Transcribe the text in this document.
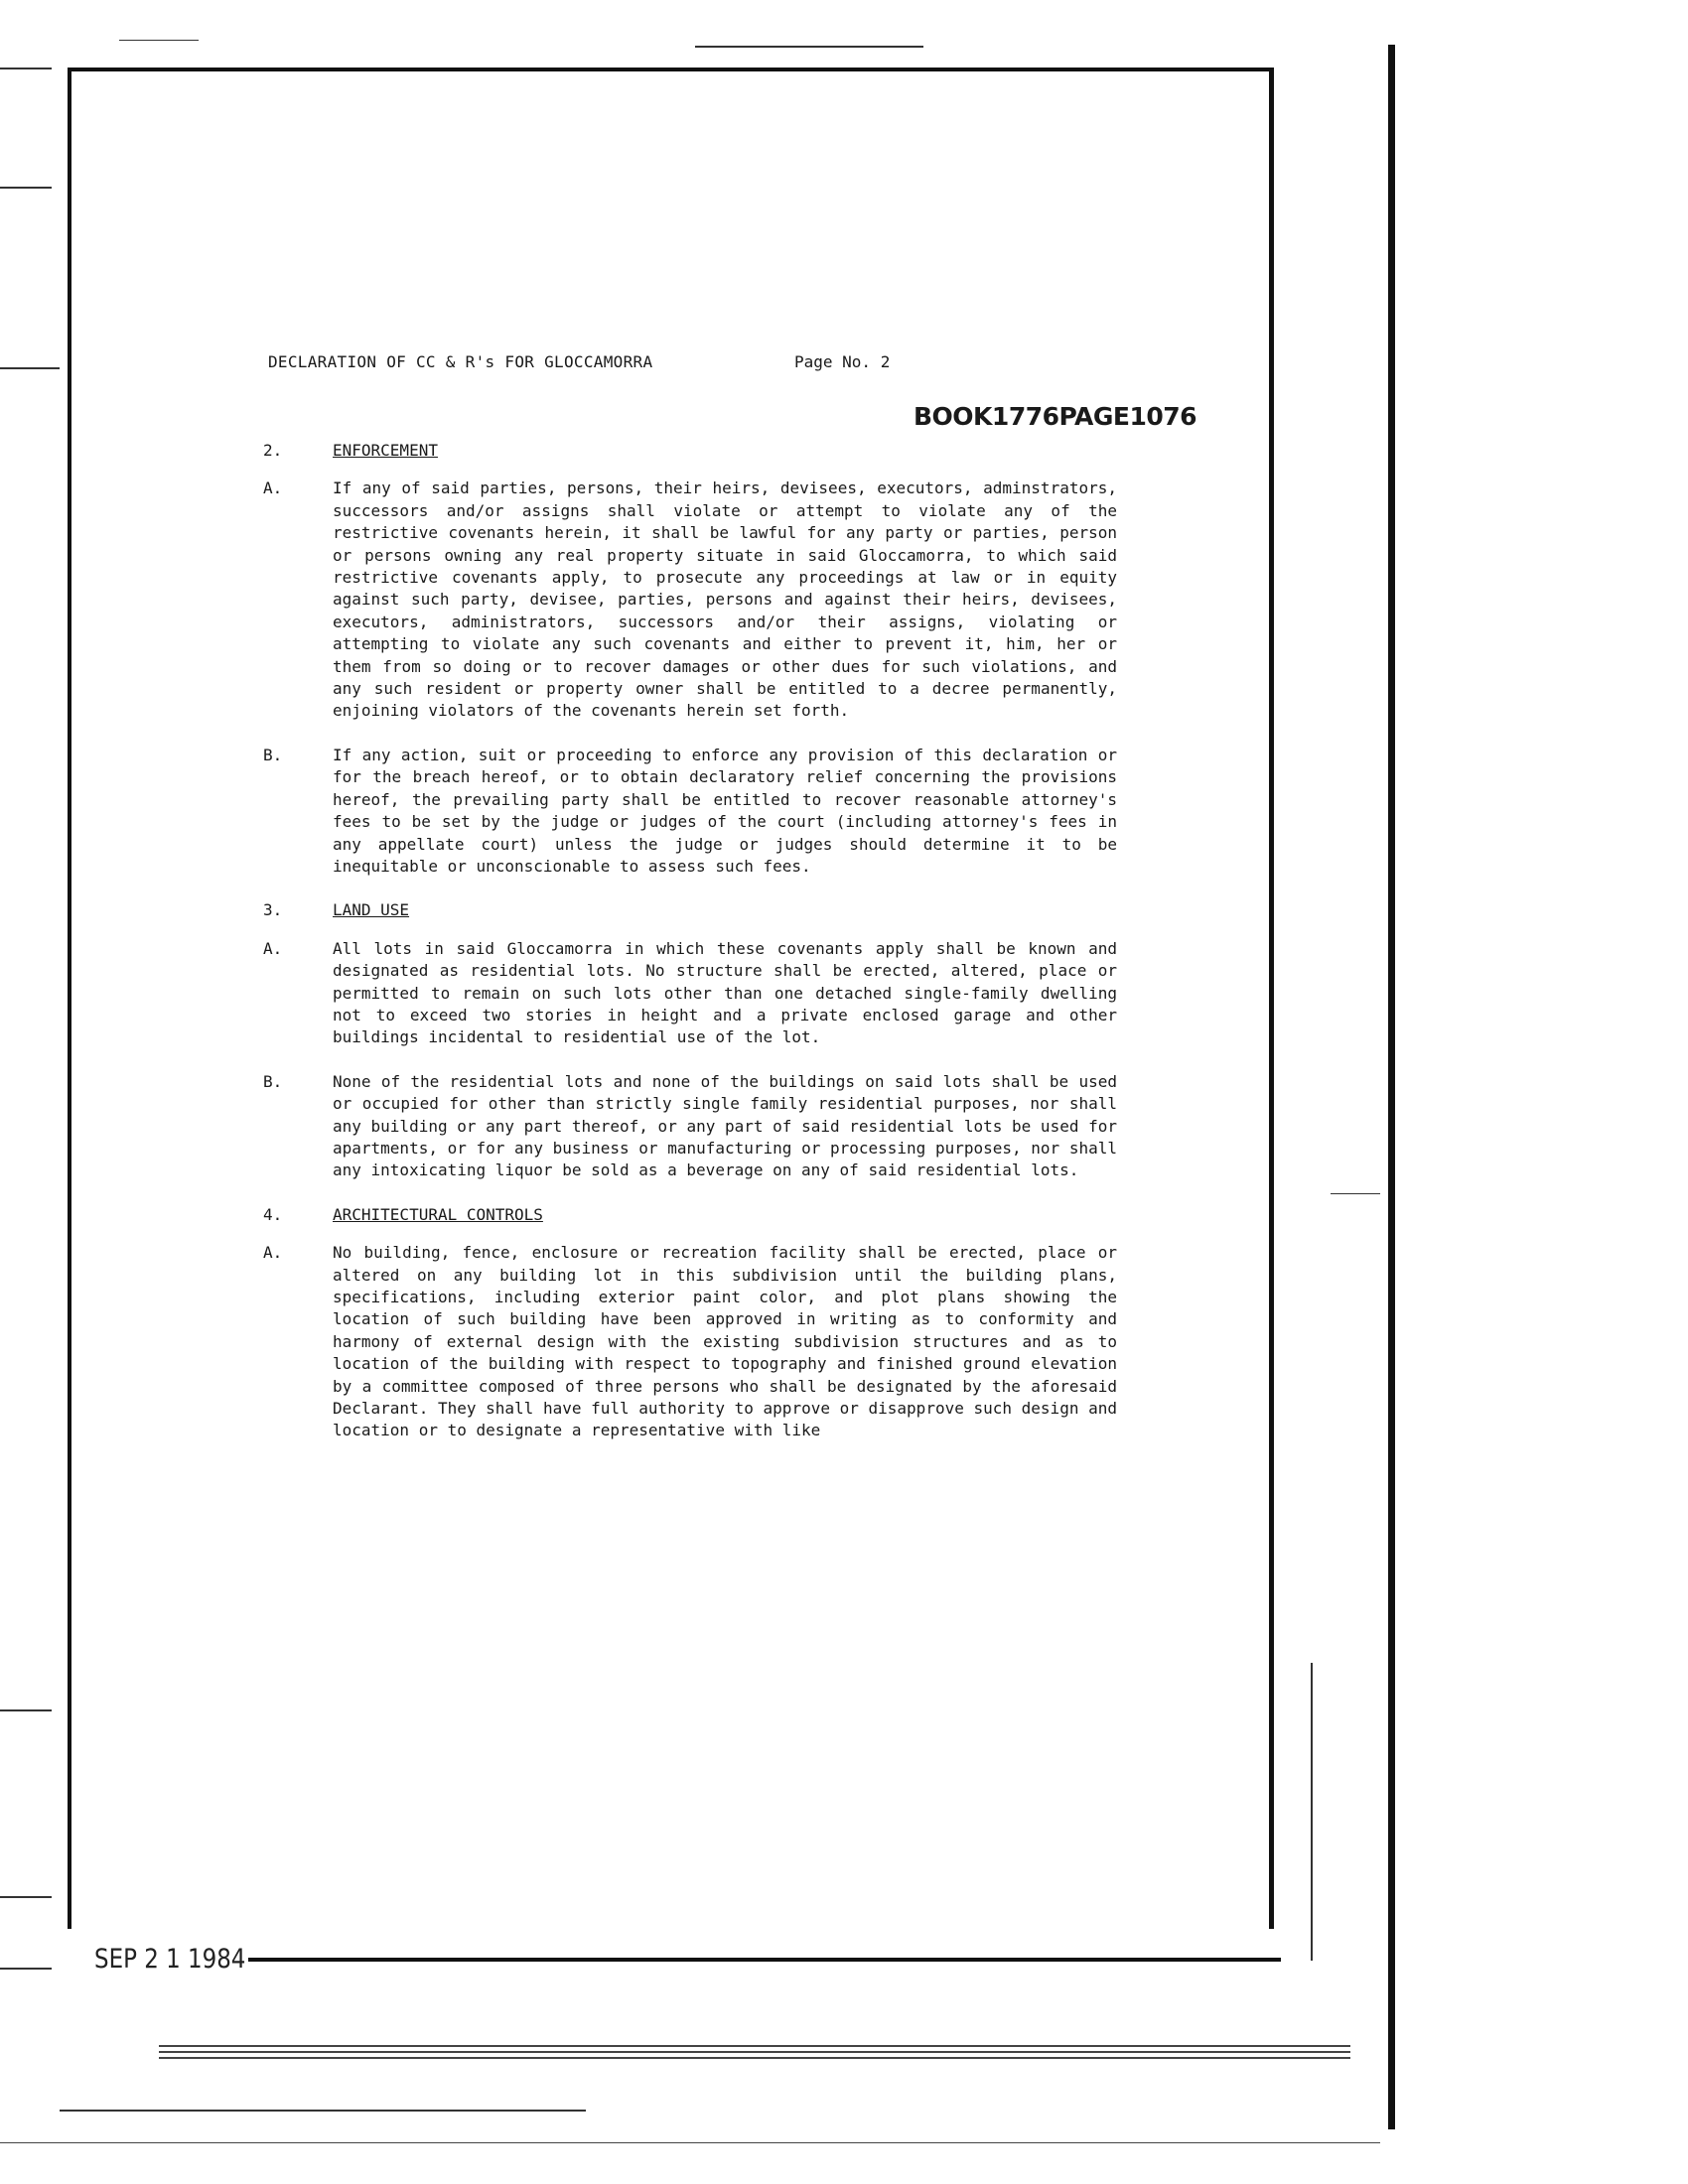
DECLARATION OF CC & R's FOR GLOCCAMORRA	Page No. 2
BOOK1776PAGE1076
2.	ENFORCEMENT
A.	If any of said parties, persons, their heirs, devisees, executors, adminstrators, successors and/or assigns shall violate or attempt to violate any of the restrictive covenants herein, it shall be lawful for any party or parties, person or persons owning any real property situate in said Gloccamorra, to which said restrictive covenants apply, to prosecute any proceedings at law or in equity against such party, devisee, parties, persons and against their heirs, devisees, executors, administrators, successors and/or their assigns, violating or attempting to violate any such covenants and either to prevent it, him, her or them from so doing or to recover damages or other dues for such violations, and any such resident or property owner shall be entitled to a decree permanently, enjoining violators of the covenants herein set forth.
B.	If any action, suit or proceeding to enforce any provision of this declaration or for the breach hereof, or to obtain declaratory relief concerning the provisions hereof, the prevailing party shall be entitled to recover reasonable attorney's fees to be set by the judge or judges of the court (including attorney's fees in any appellate court) unless the judge or judges should determine it to be inequitable or unconscionable to assess such fees.
3.	LAND USE
A.	All lots in said Gloccamorra in which these covenants apply shall be known and designated as residential lots. No structure shall be erected, altered, place or permitted to remain on such lots other than one detached single-family dwelling not to exceed two stories in height and a private enclosed garage and other buildings incidental to residential use of the lot.
B.	None of the residential lots and none of the buildings on said lots shall be used or occupied for other than strictly single family residential purposes, nor shall any building or any part thereof, or any part of said residential lots be used for apartments, or for any business or manufacturing or processing purposes, nor shall any intoxicating liquor be sold as a beverage on any of said residential lots.
4.	ARCHITECTURAL CONTROLS
A.	No building, fence, enclosure or recreation facility shall be erected, place or altered on any building lot in this subdivision until the building plans, specifications, including exterior paint color, and plot plans showing the location of such building have been approved in writing as to conformity and harmony of external design with the existing subdivision structures and as to location of the building with respect to topography and finished ground elevation by a committee composed of three persons who shall be designated by the aforesaid Declarant. They shall have full authority to approve or disapprove such design and location or to designate a representative with like
SEP 2 1 1984
